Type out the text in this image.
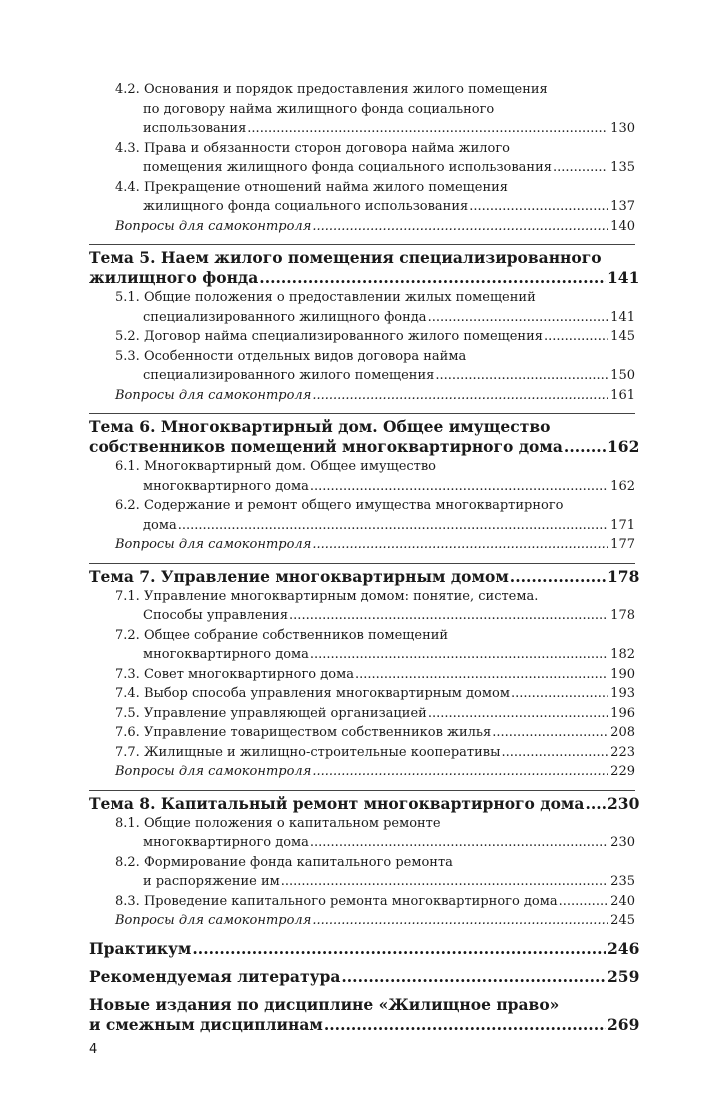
4.2. Основания и порядок предоставления жилого помещения
по договору найма жилищного фонда социального
использования .....	130
4.3. Права и обязанности сторон договора найма жилого
помещения жилищного фонда социального использования .....	135
4.4. Прекращение отношений найма жилого помещения
жилищного фонда социального использования .....	137
Вопросы для самоконтроля .....	140
Тема 5. Наем жилого помещения специализированного
жилищного фонда .....	141
5.1. Общие положения о предоставлении жилых помещений
специализированного жилищного фонда .....	141
5.2. Договор найма специализированного жилого помещения .....	145
5.3. Особенности отдельных видов договора найма
специализированного жилого помещения .....	150
Вопросы для самоконтроля .....	161
Тема 6. Многоквартирный дом. Общее имущество
собственников помещений многоквартирного дома .....	162
6.1. Многоквартирный дом. Общее имущество
многоквартирного дома .....	162
6.2. Содержание и ремонт общего имущества многоквартирного
дома .....	171
Вопросы для самоконтроля .....	177
Тема 7. Управление многоквартирным домом .....	178
7.1. Управление многоквартирным домом: понятие, система.
Способы управления .....	178
7.2. Общее собрание собственников помещений
многоквартирного дома .....	182
7.3. Совет многоквартирного дома .....	190
7.4. Выбор способа управления многоквартирным домом .....	193
7.5. Управление управляющей организацией .....	196
7.6. Управление товариществом собственников жилья .....	208
7.7. Жилищные и жилищно-строительные кооперативы .....	223
Вопросы для самоконтроля .....	229
Тема 8. Капитальный ремонт многоквартирного дома ..... 230
8.1. Общие положения о капитальном ремонте
многоквартирного дома .....	230
8.2. Формирование фонда капитального ремонта
и распоряжение им .....	235
8.3. Проведение капитального ремонта многоквартирного дома .....	240
Вопросы для самоконтроля .....	245
Практикум .....	246
Рекомендуемая литература .....	259
Новые издания по дисциплине «Жилищное право»
и смежным дисциплинам .....	269
4
